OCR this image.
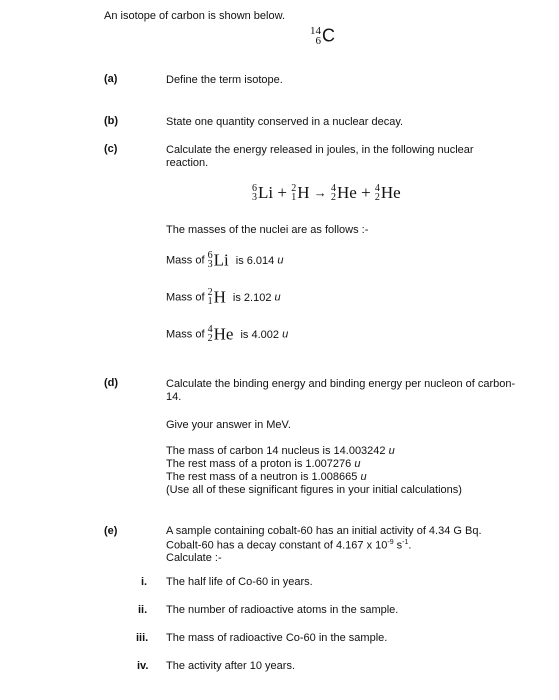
An isotope of carbon is shown below.
14
6 C
(a)	Define the term isotope.
(b)	State one quantity conserved in a nuclear decay.
(c)	Calculate the energy released in joules, in the following nuclear
reaction.
6
3 Li + 2
1 H → 4
2 He + 4
2 He
The masses of the nuclei are as follows :-
Mass of 6
3 Li is 6.014 u
Mass of 2
1 H is 2.102 u
Mass of 4
2 He is 4.002 u
(d)	Calculate the binding energy and binding energy per nucleon of carbon-
14.
Give your answer in MeV.
The mass of carbon 14 nucleus is 14.003242 u
The rest mass of a proton is 1.007276 u
The rest mass of a neutron is 1.008665 u
(Use all of these significant figures in your initial calculations)
(e)	A sample containing cobalt-60 has an initial activity of 4.34 G Bq.
Cobalt-60 has a decay constant of 4.167 x $10^{-9}$ $s^{-1}$.
Calculate :-
i. The half life of Co-60 in years.
ii. The number of radioactive atoms in the sample.
iii. The mass of radioactive Co-60 in the sample.
iv. The activity after 10 years.
